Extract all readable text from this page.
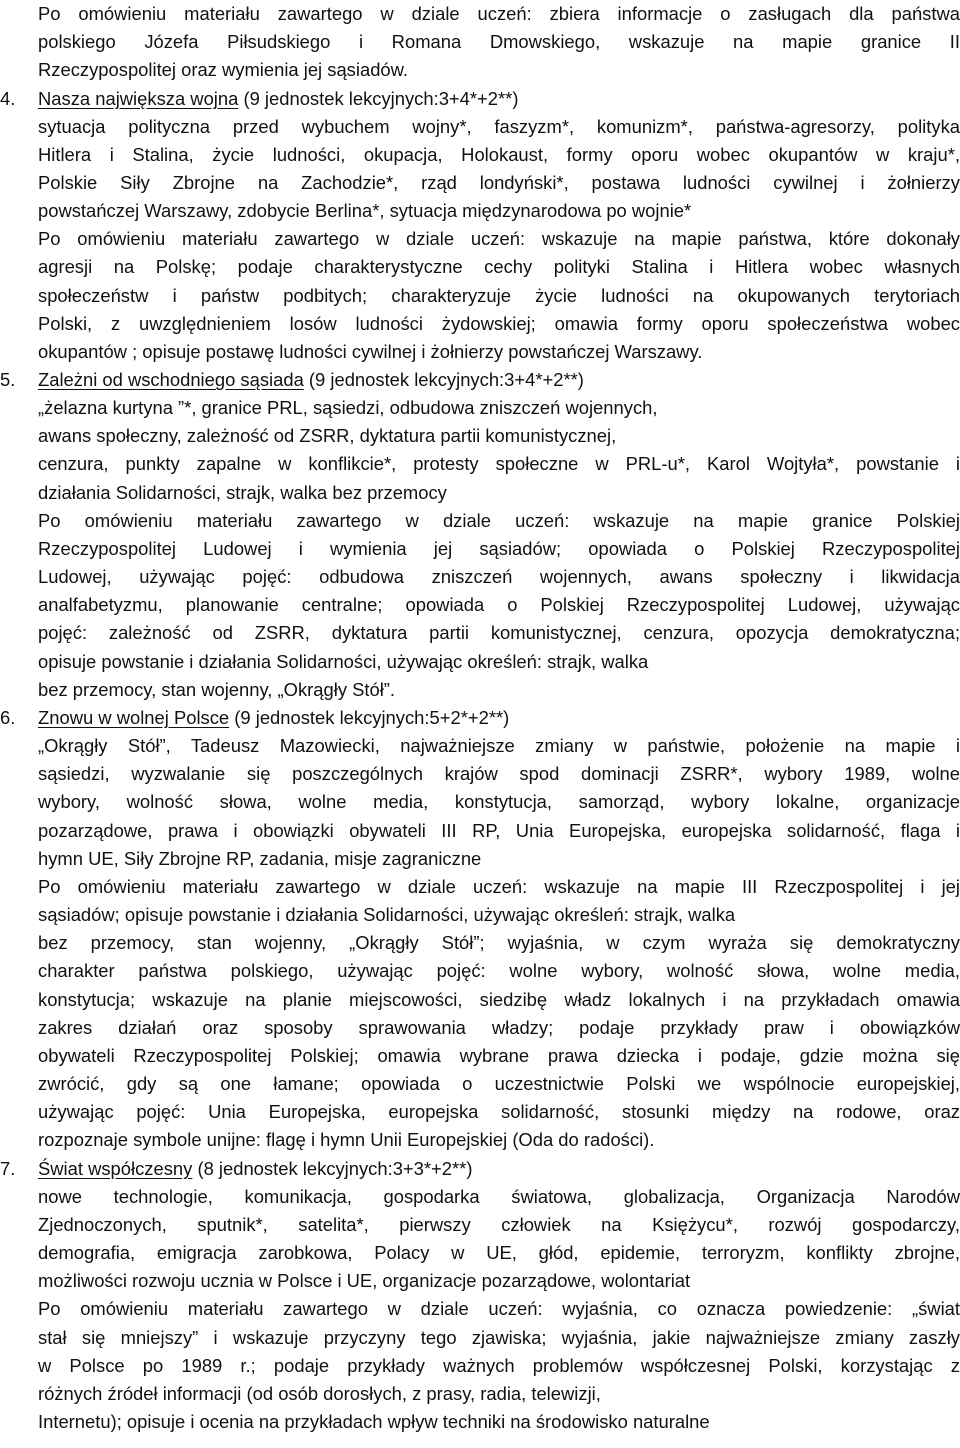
Po omówieniu materiału zawartego w dziale uczeń: zbiera informacje o zasługach dla państwa
polskiego Józefa Piłsudskiego i Romana Dmowskiego, wskazuje na mapie granice II
Rzeczypospolitej oraz wymienia jej sąsiadów.
4.	Nasza największa wojna (9 jednostek lekcyjnych:3+4*+2**)
sytuacja polityczna przed wybuchem wojny*, faszyzm*, komunizm*, państwa-agresorzy, polityka
Hitlera i Stalina, życie ludności, okupacja, Holokaust, formy oporu wobec okupantów w kraju*,
Polskie Siły Zbrojne na Zachodzie*, rząd londyński*, postawa ludności cywilnej i żołnierzy
powstańczej Warszawy, zdobycie Berlina*, sytuacja międzynarodowa po wojnie*
Po omówieniu materiału zawartego w dziale uczeń: wskazuje na mapie państwa, które dokonały
agresji na Polskę; podaje charakterystyczne cechy polityki Stalina i Hitlera wobec własnych
społeczeństw i państw podbitych; charakteryzuje życie ludności na okupowanych terytoriach
Polski, z uwzględnieniem losów ludności żydowskiej; omawia formy oporu społeczeństwa wobec
okupantów ; opisuje postawę ludności cywilnej i żołnierzy powstańczej Warszawy.
5.	Zależni od wschodniego sąsiada (9 jednostek lekcyjnych:3+4*+2**)
„żelazna kurtyna ”*, granice PRL, sąsiedzi, odbudowa zniszczeń wojennych,
awans społeczny, zależność od ZSRR, dyktatura partii komunistycznej,
cenzura, punkty zapalne w konflikcie*, protesty społeczne w PRL-u*, Karol Wojtyła*, powstanie i
działania Solidarności, strajk, walka bez przemocy
Po omówieniu materiału zawartego w dziale uczeń: wskazuje na mapie granice Polskiej
Rzeczypospolitej Ludowej i wymienia jej sąsiadów; opowiada o Polskiej Rzeczypospolitej
Ludowej, używając pojęć: odbudowa zniszczeń wojennych, awans społeczny i likwidacja
analfabetyzmu, planowanie centralne; opowiada o Polskiej Rzeczypospolitej Ludowej, używając
pojęć: zależność od ZSRR, dyktatura partii komunistycznej, cenzura, opozycja demokratyczna;
opisuje powstanie i działania Solidarności, używając określeń: strajk, walka
bez przemocy, stan wojenny, „Okrągły Stół”.
6.	Znowu w wolnej Polsce (9 jednostek lekcyjnych:5+2*+2**)
„Okrągły Stół”, Tadeusz Mazowiecki, najważniejsze zmiany w państwie, położenie na mapie i
sąsiedzi, wyzwalanie się poszczególnych krajów spod dominacji ZSRR*, wybory 1989, wolne
wybory, wolność słowa, wolne media, konstytucja, samorząd, wybory lokalne, organizacje
pozarządowe, prawa i obowiązki obywateli III RP, Unia Europejska, europejska solidarność, flaga i
hymn UE, Siły Zbrojne RP, zadania, misje zagraniczne
Po omówieniu materiału zawartego w dziale uczeń: wskazuje na mapie III Rzeczpospolitej i jej
sąsiadów; opisuje powstanie i działania Solidarności, używając określeń: strajk, walka
bez przemocy, stan wojenny, „Okrągły Stół”; wyjaśnia, w czym wyraża się demokratyczny
charakter państwa polskiego, używając pojęć: wolne wybory, wolność słowa, wolne media,
konstytucja; wskazuje na planie miejscowości, siedzibę władz lokalnych i na przykładach omawia
zakres działań oraz sposoby sprawowania władzy; podaje przykłady praw i obowiązków
obywateli Rzeczypospolitej Polskiej; omawia wybrane prawa dziecka i podaje, gdzie można się
zwrócić, gdy są one łamane; opowiada o uczestnictwie Polski we wspólnocie europejskiej,
używając pojęć: Unia Europejska, europejska solidarność, stosunki między na rodowe, oraz
rozpoznaje symbole unijne: flagę i hymn Unii Europejskiej (Oda do radości).
7.	Świat współczesny (8 jednostek lekcyjnych:3+3*+2**)
nowe technologie, komunikacja, gospodarka światowa, globalizacja, Organizacja Narodów
Zjednoczonych, sputnik*, satelita*, pierwszy człowiek na Księżycu*, rozwój gospodarczy,
demografia, emigracja zarobkowa, Polacy w UE, głód, epidemie, terroryzm, konflikty zbrojne,
możliwości rozwoju ucznia w Polsce i UE, organizacje pozarządowe, wolontariat
Po omówieniu materiału zawartego w dziale uczeń: wyjaśnia, co oznacza powiedzenie: „świat
stał się mniejszy” i wskazuje przyczyny tego zjawiska; wyjaśnia, jakie najważniejsze zmiany zaszły
w Polsce po 1989 r.; podaje przykłady ważnych problemów współczesnej Polski, korzystając z
różnych źródeł informacji (od osób dorosłych, z prasy, radia, telewizji,
Internetu); opisuje i ocenia na przykładach wpływ techniki na środowisko naturalne
